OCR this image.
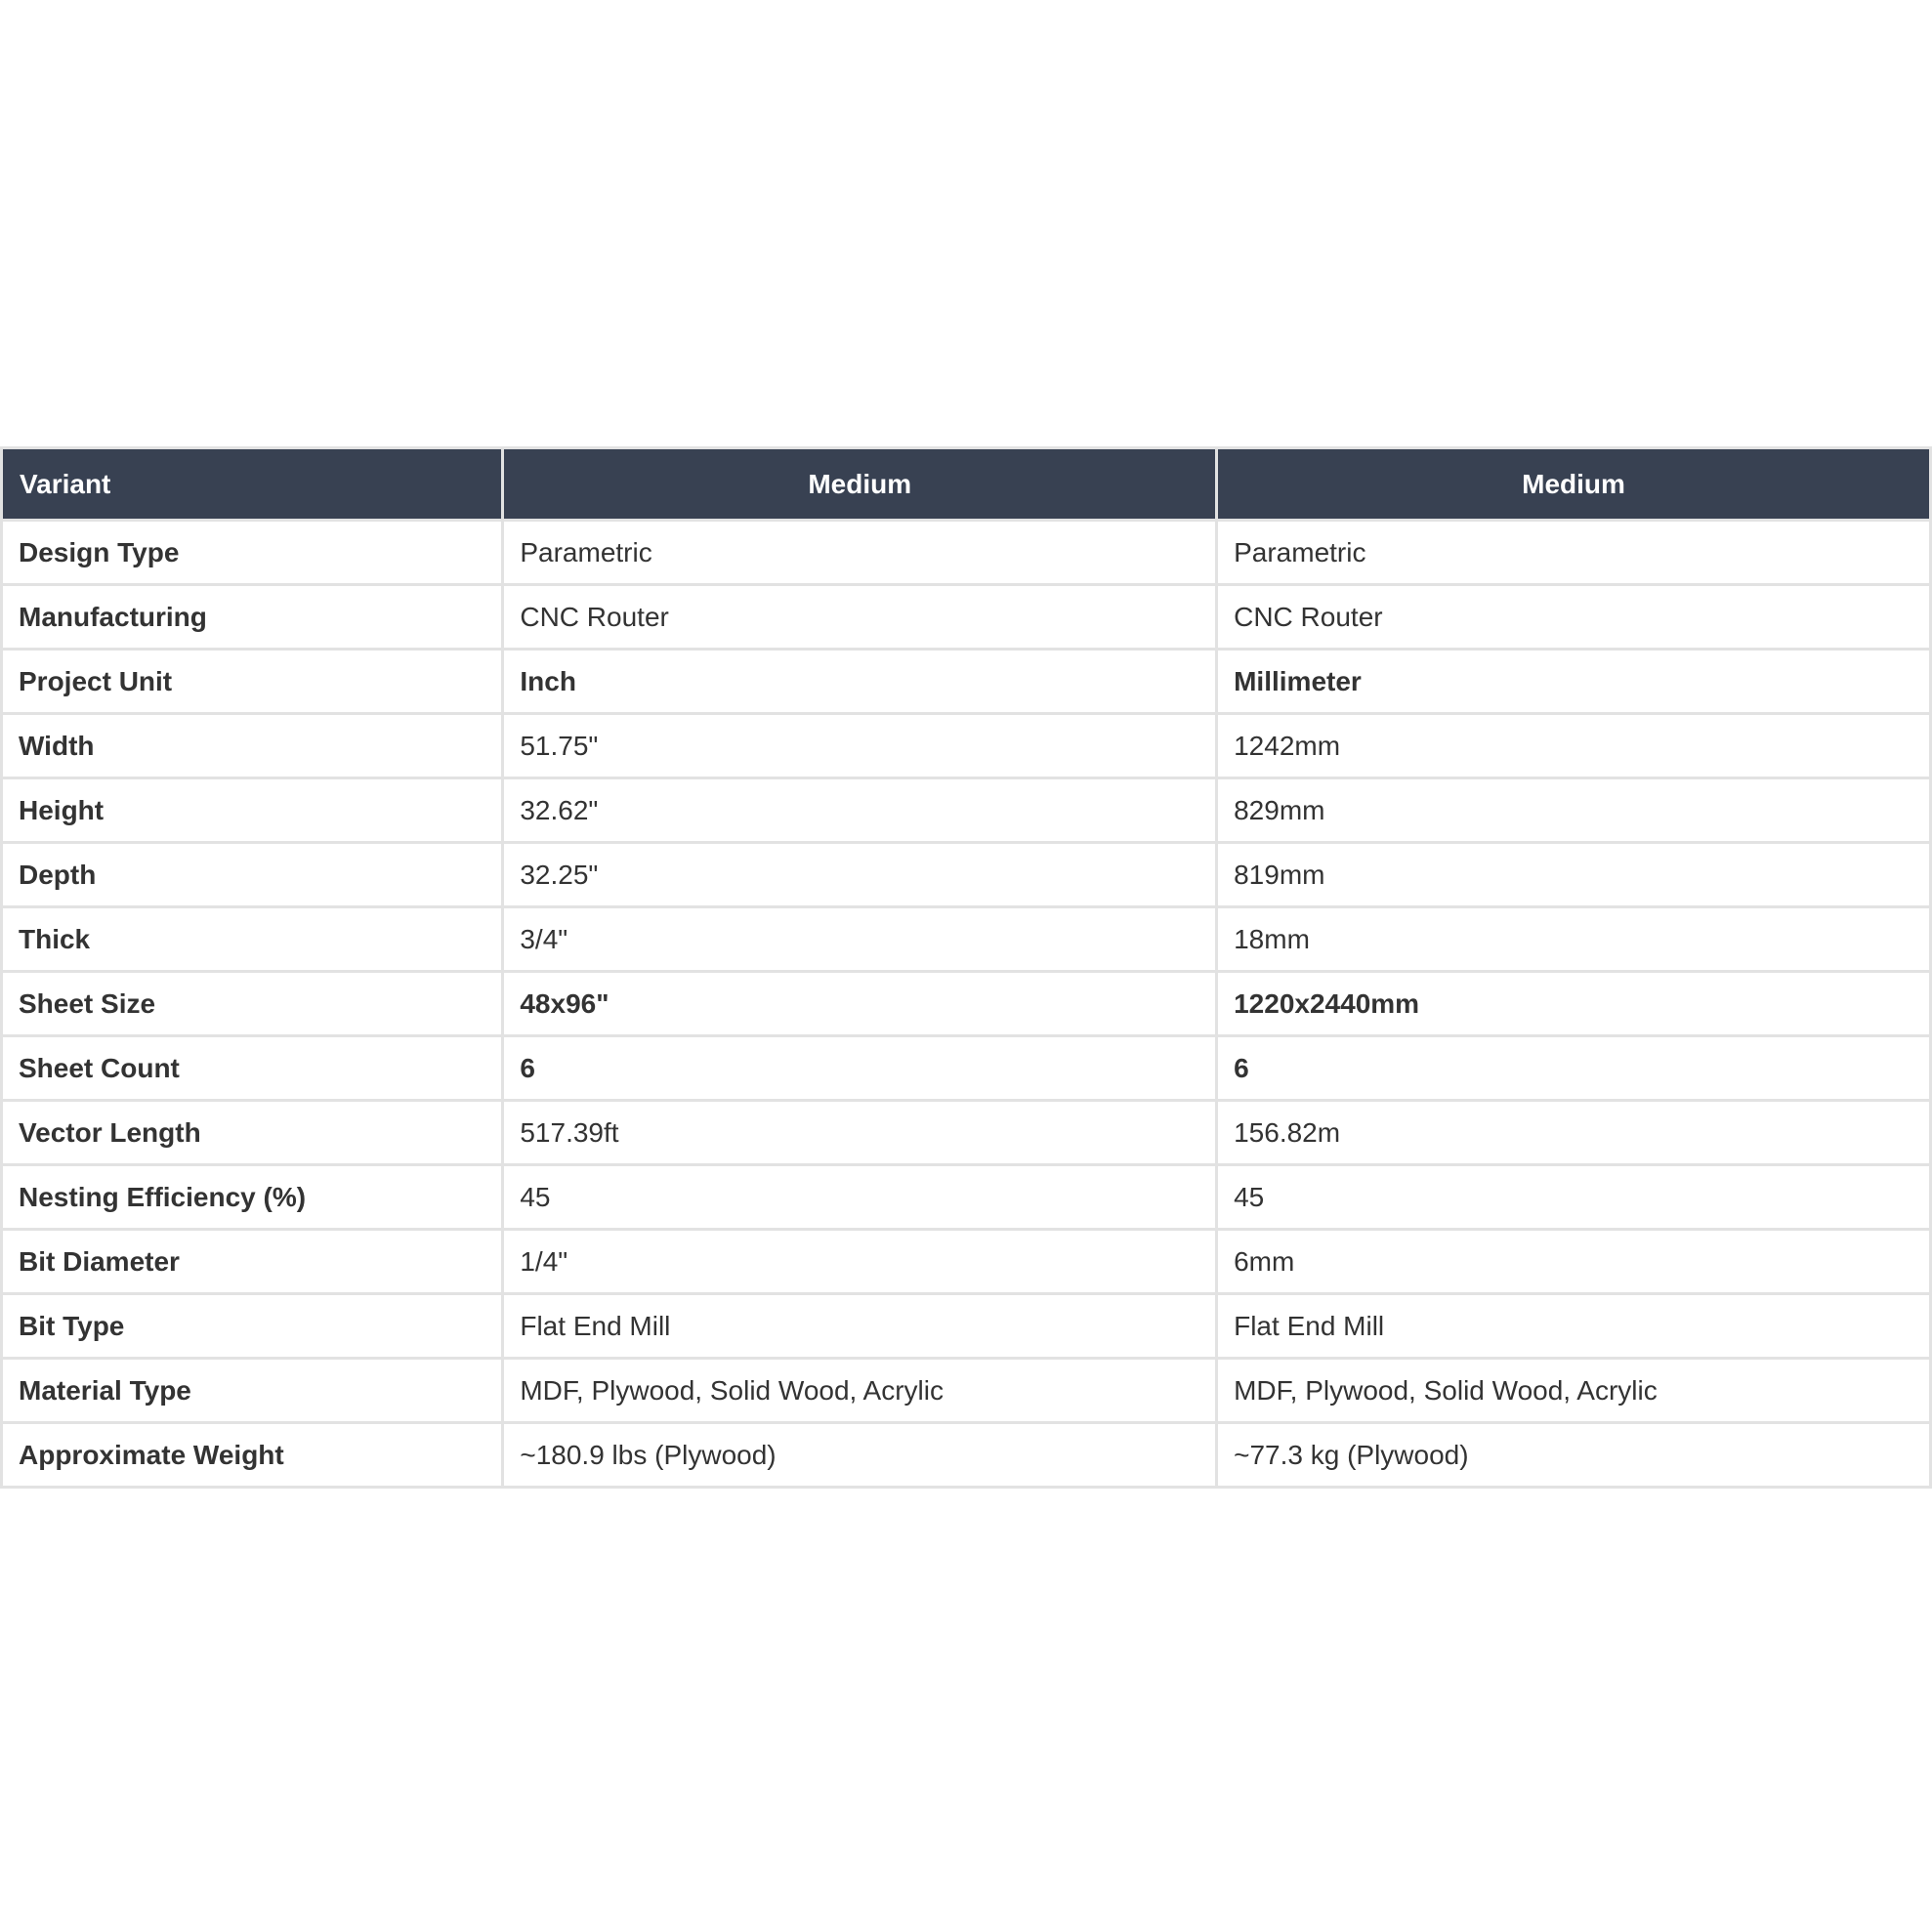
Variant	Medium	Medium
Design Type	Parametric	Parametric
Manufacturing	CNC Router	CNC Router
Project Unit	Inch	Millimeter
Width	51.75"	1242mm
Height	32.62"	829mm
Depth	32.25"	819mm
Thick	3/4"	18mm
Sheet Size	48x96"	1220x2440mm
Sheet Count	6	6
Vector Length	517.39ft	156.82m
Nesting Efficiency (%)	45	45
Bit Diameter	1/4"	6mm
Bit Type	Flat End Mill	Flat End Mill
Material Type	MDF, Plywood, Solid Wood, Acrylic	MDF, Plywood, Solid Wood, Acrylic
Approximate Weight	~180.9 lbs (Plywood)	~77.3 kg (Plywood)
